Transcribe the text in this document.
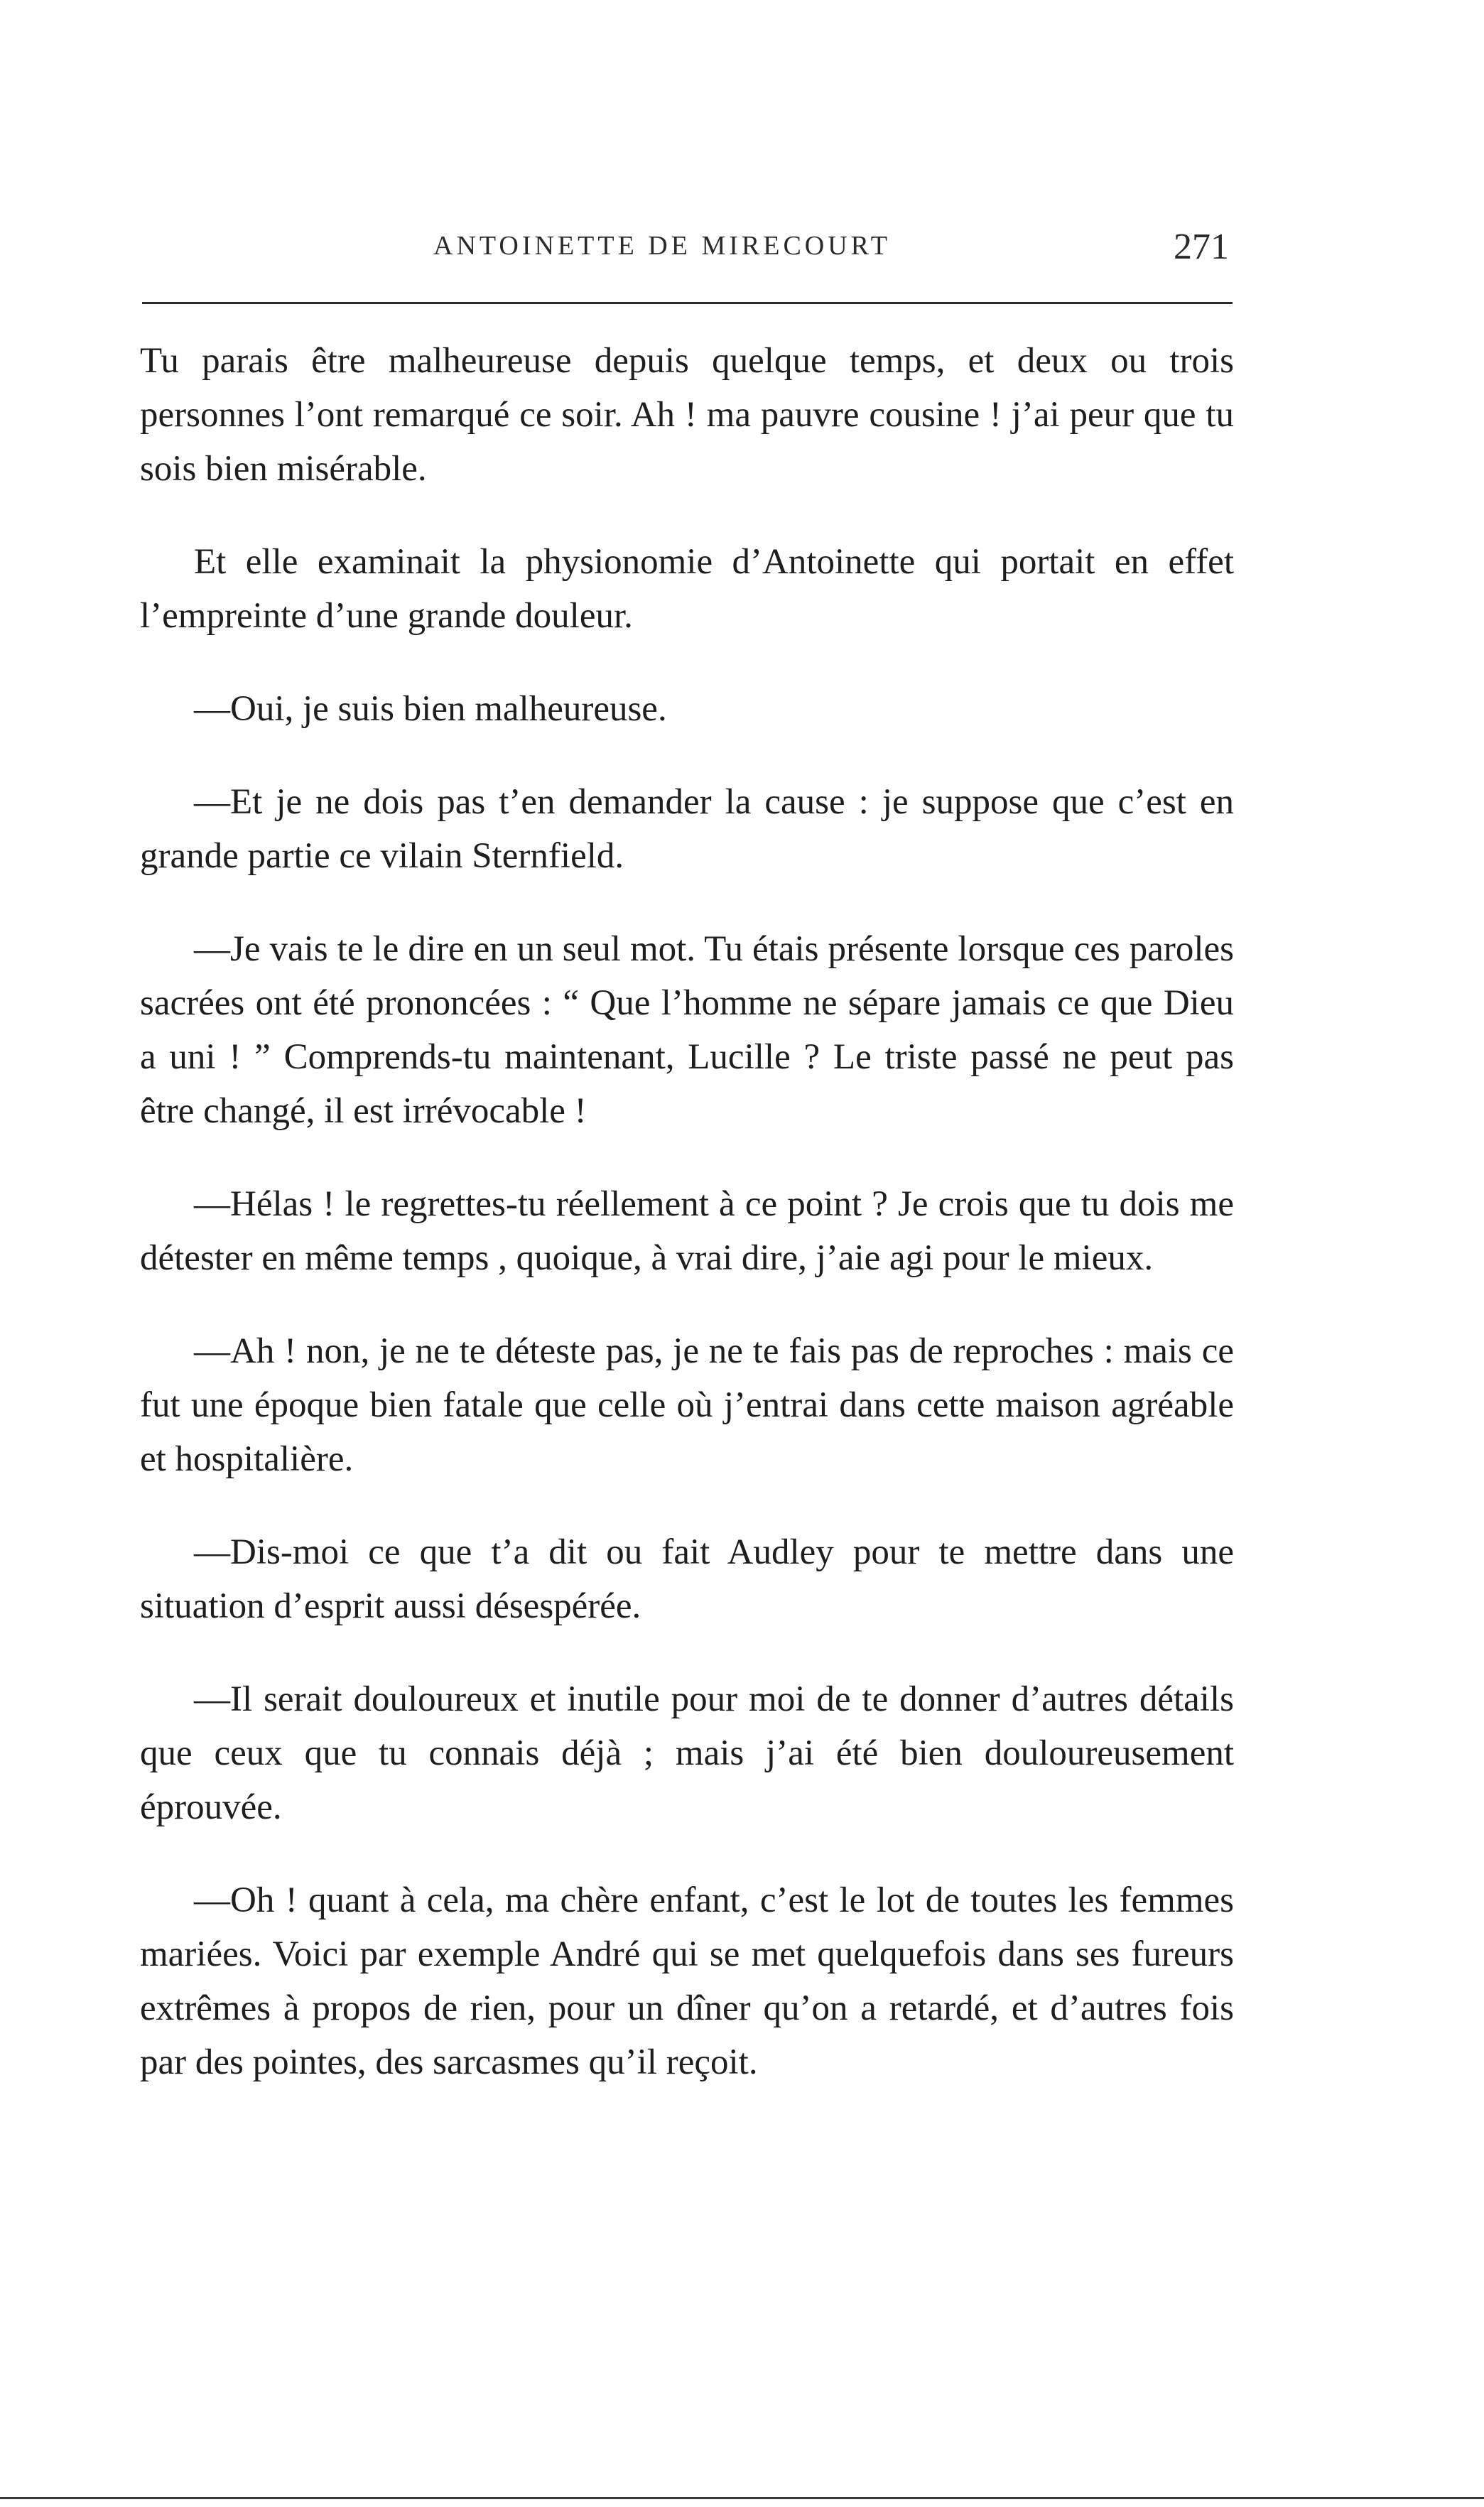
ANTOINETTE DE MIRECOURT	271

Tu parais être malheureuse depuis quelque temps, et deux ou trois personnes l’ont remarqué ce soir. Ah ! ma pauvre cousine ! j’ai peur que tu sois bien misérable.

Et elle examinait la physionomie d’Antoinette qui portait en effet l’empreinte d’une grande douleur.

—Oui, je suis bien malheureuse.

—Et je ne dois pas t’en demander la cause : je suppose que c’est en grande partie ce vilain Sternfield.

—Je vais te le dire en un seul mot. Tu étais présente lorsque ces paroles sacrées ont été prononcées : “ Que l’homme ne sépare jamais ce que Dieu a uni ! ” Comprends-tu maintenant, Lucille ? Le triste passé ne peut pas être changé, il est irrévocable !

—Hélas ! le regrettes-tu réellement à ce point ? Je crois que tu dois me détester en même temps , quoique, à vrai dire, j’aie agi pour le mieux.

—Ah ! non, je ne te déteste pas, je ne te fais pas de reproches : mais ce fut une époque bien fatale que celle où j’entrai dans cette maison agréable et hospitalière.

—Dis-moi ce que t’a dit ou fait Audley pour te mettre dans une situation d’esprit aussi désespérée.

—Il serait douloureux et inutile pour moi de te donner d’autres détails que ceux que tu connais déjà ; mais j’ai été bien douloureusement éprouvée.

—Oh ! quant à cela, ma chère enfant, c’est le lot de toutes les femmes mariées. Voici par exemple André qui se met quelquefois dans ses fureurs extrêmes à propos de rien, pour un dîner qu’on a retardé, et d’autres fois par des pointes, des sarcasmes qu’il reçoit.
